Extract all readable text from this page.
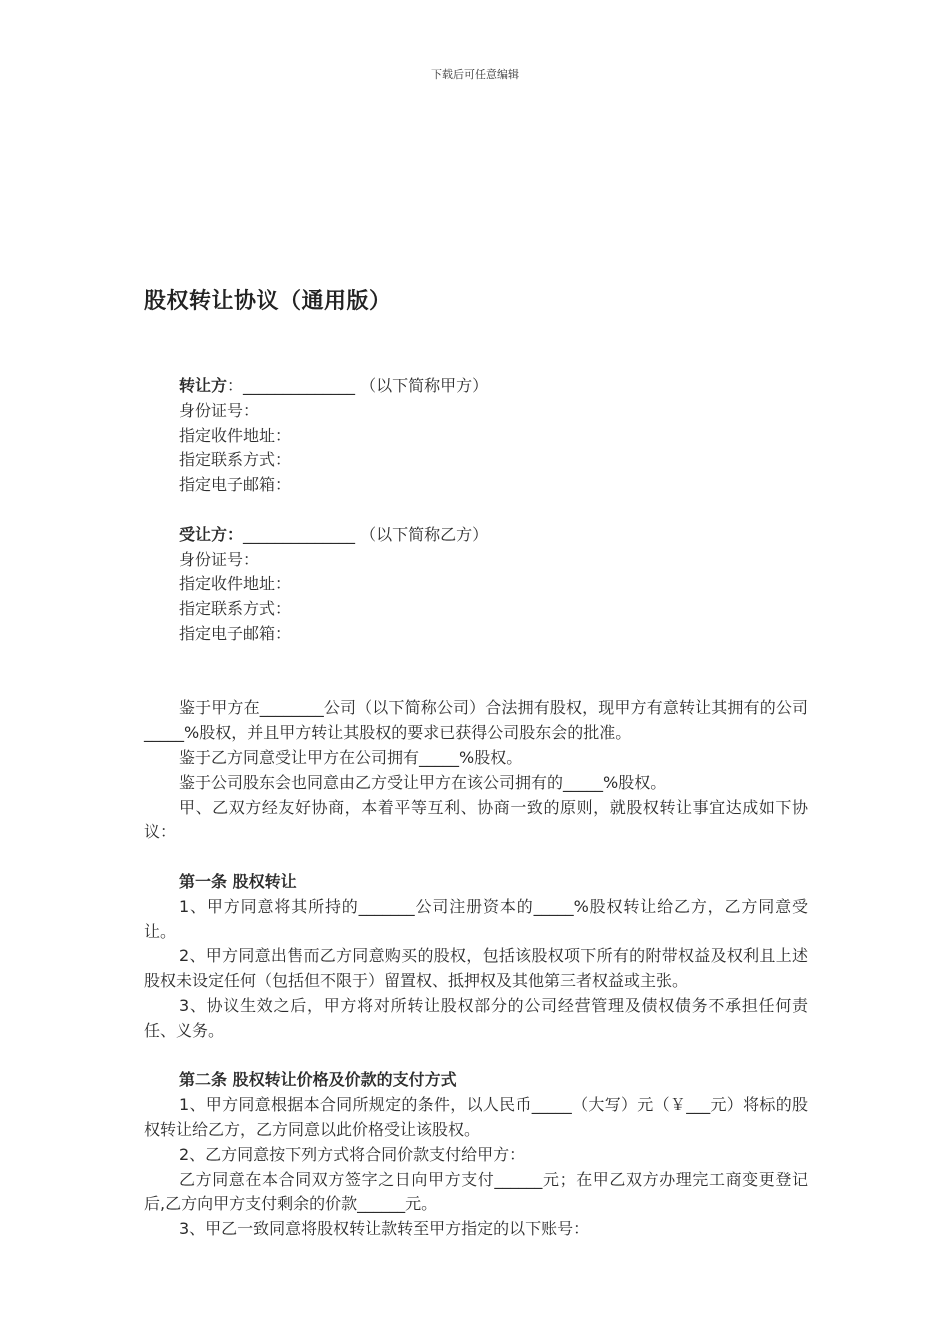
下载后可任意编辑
股权转让协议（通用版）
转让方：______________ （以下简称甲方）
身份证号：
指定收件地址：
指定联系方式：
指定电子邮箱：
受让方：______________ （以下简称乙方）
身份证号：
指定收件地址：
指定联系方式：
指定电子邮箱：
鉴于甲方在________公司（以下简称公司）合法拥有股权，现甲方有意转让其拥有的公司_____%股权，并且甲方转让其股权的要求已获得公司股东会的批准。
鉴于乙方同意受让甲方在公司拥有_____%股权。
鉴于公司股东会也同意由乙方受让甲方在该公司拥有的_____%股权。
甲、乙双方经友好协商，本着平等互利、协商一致的原则，就股权转让事宜达成如下协议：
第一条 股权转让
1、甲方同意将其所持的_______公司注册资本的_____%股权转让给乙方，乙方同意受让。
2、甲方同意出售而乙方同意购买的股权，包括该股权项下所有的附带权益及权利且上述股权未设定任何（包括但不限于）留置权、抵押权及其他第三者权益或主张。
3、协议生效之后，甲方将对所转让股权部分的公司经营管理及债权债务不承担任何责任、义务。
第二条 股权转让价格及价款的支付方式
1、甲方同意根据本合同所规定的条件，以人民币_____（大写）元（￥___元）将标的股权转让给乙方，乙方同意以此价格受让该股权。
2、乙方同意按下列方式将合同价款支付给甲方：
乙方同意在本合同双方签字之日向甲方支付______元；在甲乙双方办理完工商变更登记后,乙方向甲方支付剩余的价款______元。
3、甲乙一致同意将股权转让款转至甲方指定的以下账号：
